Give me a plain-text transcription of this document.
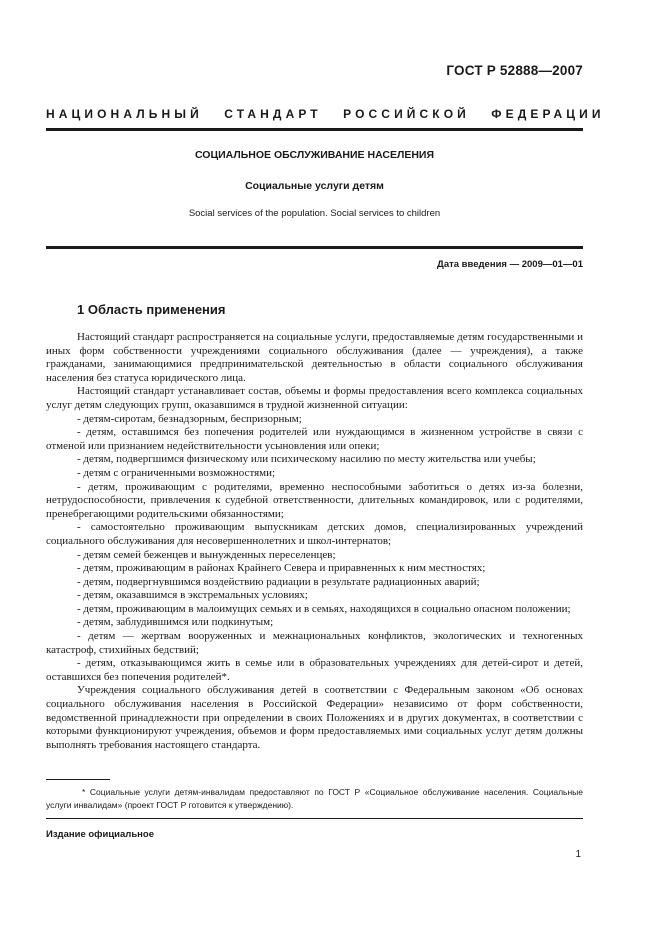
ГОСТ Р 52888—2007
НАЦИОНАЛЬНЫЙ СТАНДАРТ РОССИЙСКОЙ ФЕДЕРАЦИИ
СОЦИАЛЬНОЕ ОБСЛУЖИВАНИЕ НАСЕЛЕНИЯ
Социальные услуги детям
Social services of the population. Social services to children
Дата введения — 2009—01—01
1 Область применения

Настоящий стандарт распространяется на социальные услуги, предоставляемые детям государственными и иных форм собственности учреждениями социального обслуживания (далее — учреждения), а также гражданами, занимающимися предпринимательской деятельностью в области социального обслуживания населения без статуса юридического лица.

Настоящий стандарт устанавливает состав, объемы и формы предоставления всего комплекса социальных услуг детям следующих групп, оказавшимся в трудной жизненной ситуации:

- детям-сиротам, безнадзорным, беспризорным;

- детям, оставшимся без попечения родителей или нуждающимся в жизненном устройстве в связи с отменой или признанием недействительности усыновления или опеки;

- детям, подвергшимся физическому или психическому насилию по месту жительства или учебы;

- детям с ограниченными возможностями;

- детям, проживающим с родителями, временно неспособными заботиться о детях из-за болезни, нетрудоспособности, привлечения к судебной ответственности, длительных командировок, или с родителями, пренебрегающими родительскими обязанностями;

- самостоятельно проживающим выпускникам детских домов, специализированных учреждений социального обслуживания для несовершеннолетних и школ-интернатов;

- детям семей беженцев и вынужденных переселенцев;

- детям, проживающим в районах Крайнего Севера и приравненных к ним местностях;

- детям, подвергнувшимся воздействию радиации в результате радиационных аварий;

- детям, оказавшимся в экстремальных условиях;

- детям, проживающим в малоимущих семьях и в семьях, находящихся в социально опасном положении;

- детям, заблудившимся или подкинутым;

- детям — жертвам вооруженных и межнациональных конфликтов, экологических и техногенных катастроф, стихийных бедствий;

- детям, отказывающимся жить в семье или в образовательных учреждениях для детей-сирот и детей, оставшихся без попечения родителей*.

Учреждения социального обслуживания детей в соответствии с Федеральным законом «Об основах социального обслуживания населения в Российской Федерации» независимо от форм собственности, ведомственной принадлежности при определении в своих Положениях и в других документах, в соответствии с которыми функционируют учреждения, объемов и форм предоставляемых ими социальных услуг детям должны выполнять требования настоящего стандарта.

* Социальные услуги детям-инвалидам предоставляют по ГОСТ Р «Социальное обслуживание населения. Социальные услуги инвалидам» (проект ГОСТ Р готовится к утверждению).
Издание официальное
1
